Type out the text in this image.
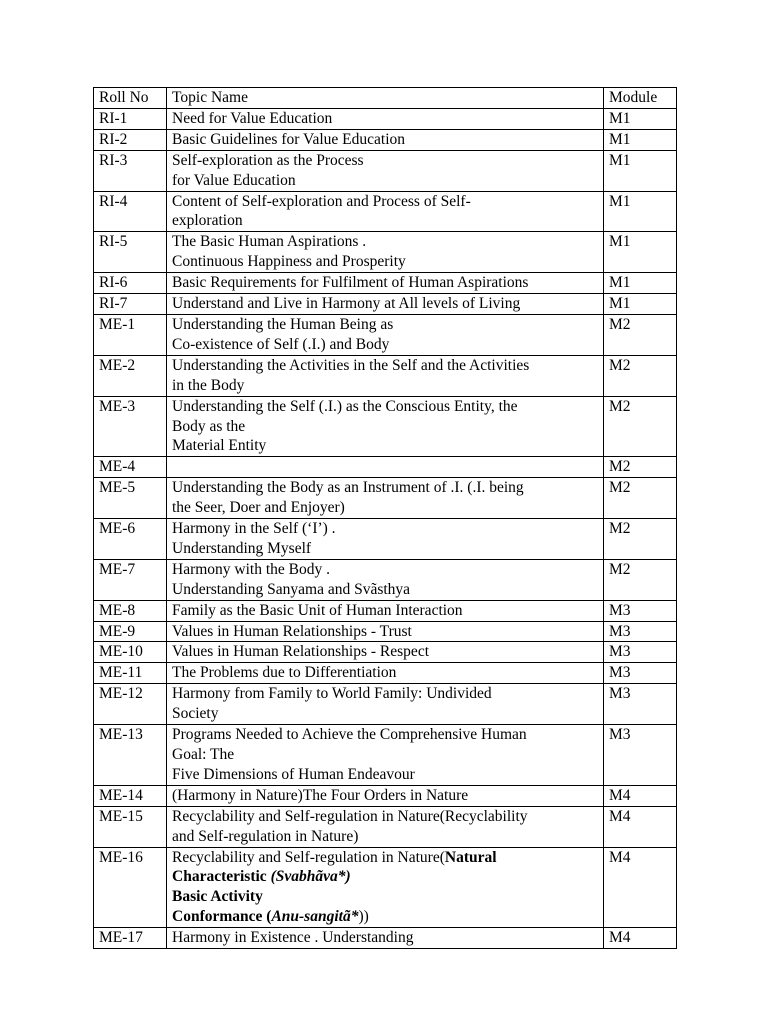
Roll No	Topic Name	Module
RI-1	Need for Value Education	M1
RI-2	Basic Guidelines for Value Education	M1
RI-3	Self-exploration as the Process
for Value Education	M1
RI-4	Content of Self-exploration and Process of Self-
exploration	M1
RI-5	The Basic Human Aspirations .
Continuous Happiness and Prosperity	M1
RI-6	Basic Requirements for Fulfilment of Human Aspirations	M1
RI-7	Understand and Live in Harmony at All levels of Living	M1
ME-1	Understanding the Human Being as
Co-existence of Self (.I.) and Body	M2
ME-2	Understanding the Activities in the Self and the Activities
in the Body	M2
ME-3	Understanding the Self (.I.) as the Conscious Entity, the
Body as the
Material Entity	M2
ME-4		M2
ME-5	Understanding the Body as an Instrument of .I. (.I. being
the Seer, Doer and Enjoyer)	M2
ME-6	Harmony in the Self (‘I’) .
Understanding Myself	M2
ME-7	Harmony with the Body .
Understanding Sanyama and Svãsthya	M2
ME-8	Family as the Basic Unit of Human Interaction	M3
ME-9	Values in Human Relationships - Trust	M3
ME-10	Values in Human Relationships - Respect	M3
ME-11	The Problems due to Differentiation	M3
ME-12	Harmony from Family to World Family: Undivided
Society	M3
ME-13	Programs Needed to Achieve the Comprehensive Human
Goal: The
Five Dimensions of Human Endeavour	M3
ME-14	(Harmony in Nature)The Four Orders in Nature	M4
ME-15	Recyclability and Self-regulation in Nature(Recyclability
and Self-regulation in Nature)	M4
ME-16	Recyclability and Self-regulation in Nature(Natural
Characteristic (Svabhãva*)
Basic Activity
Conformance (Anu-sangitã*))	M4
ME-17	Harmony in Existence . Understanding	M4
